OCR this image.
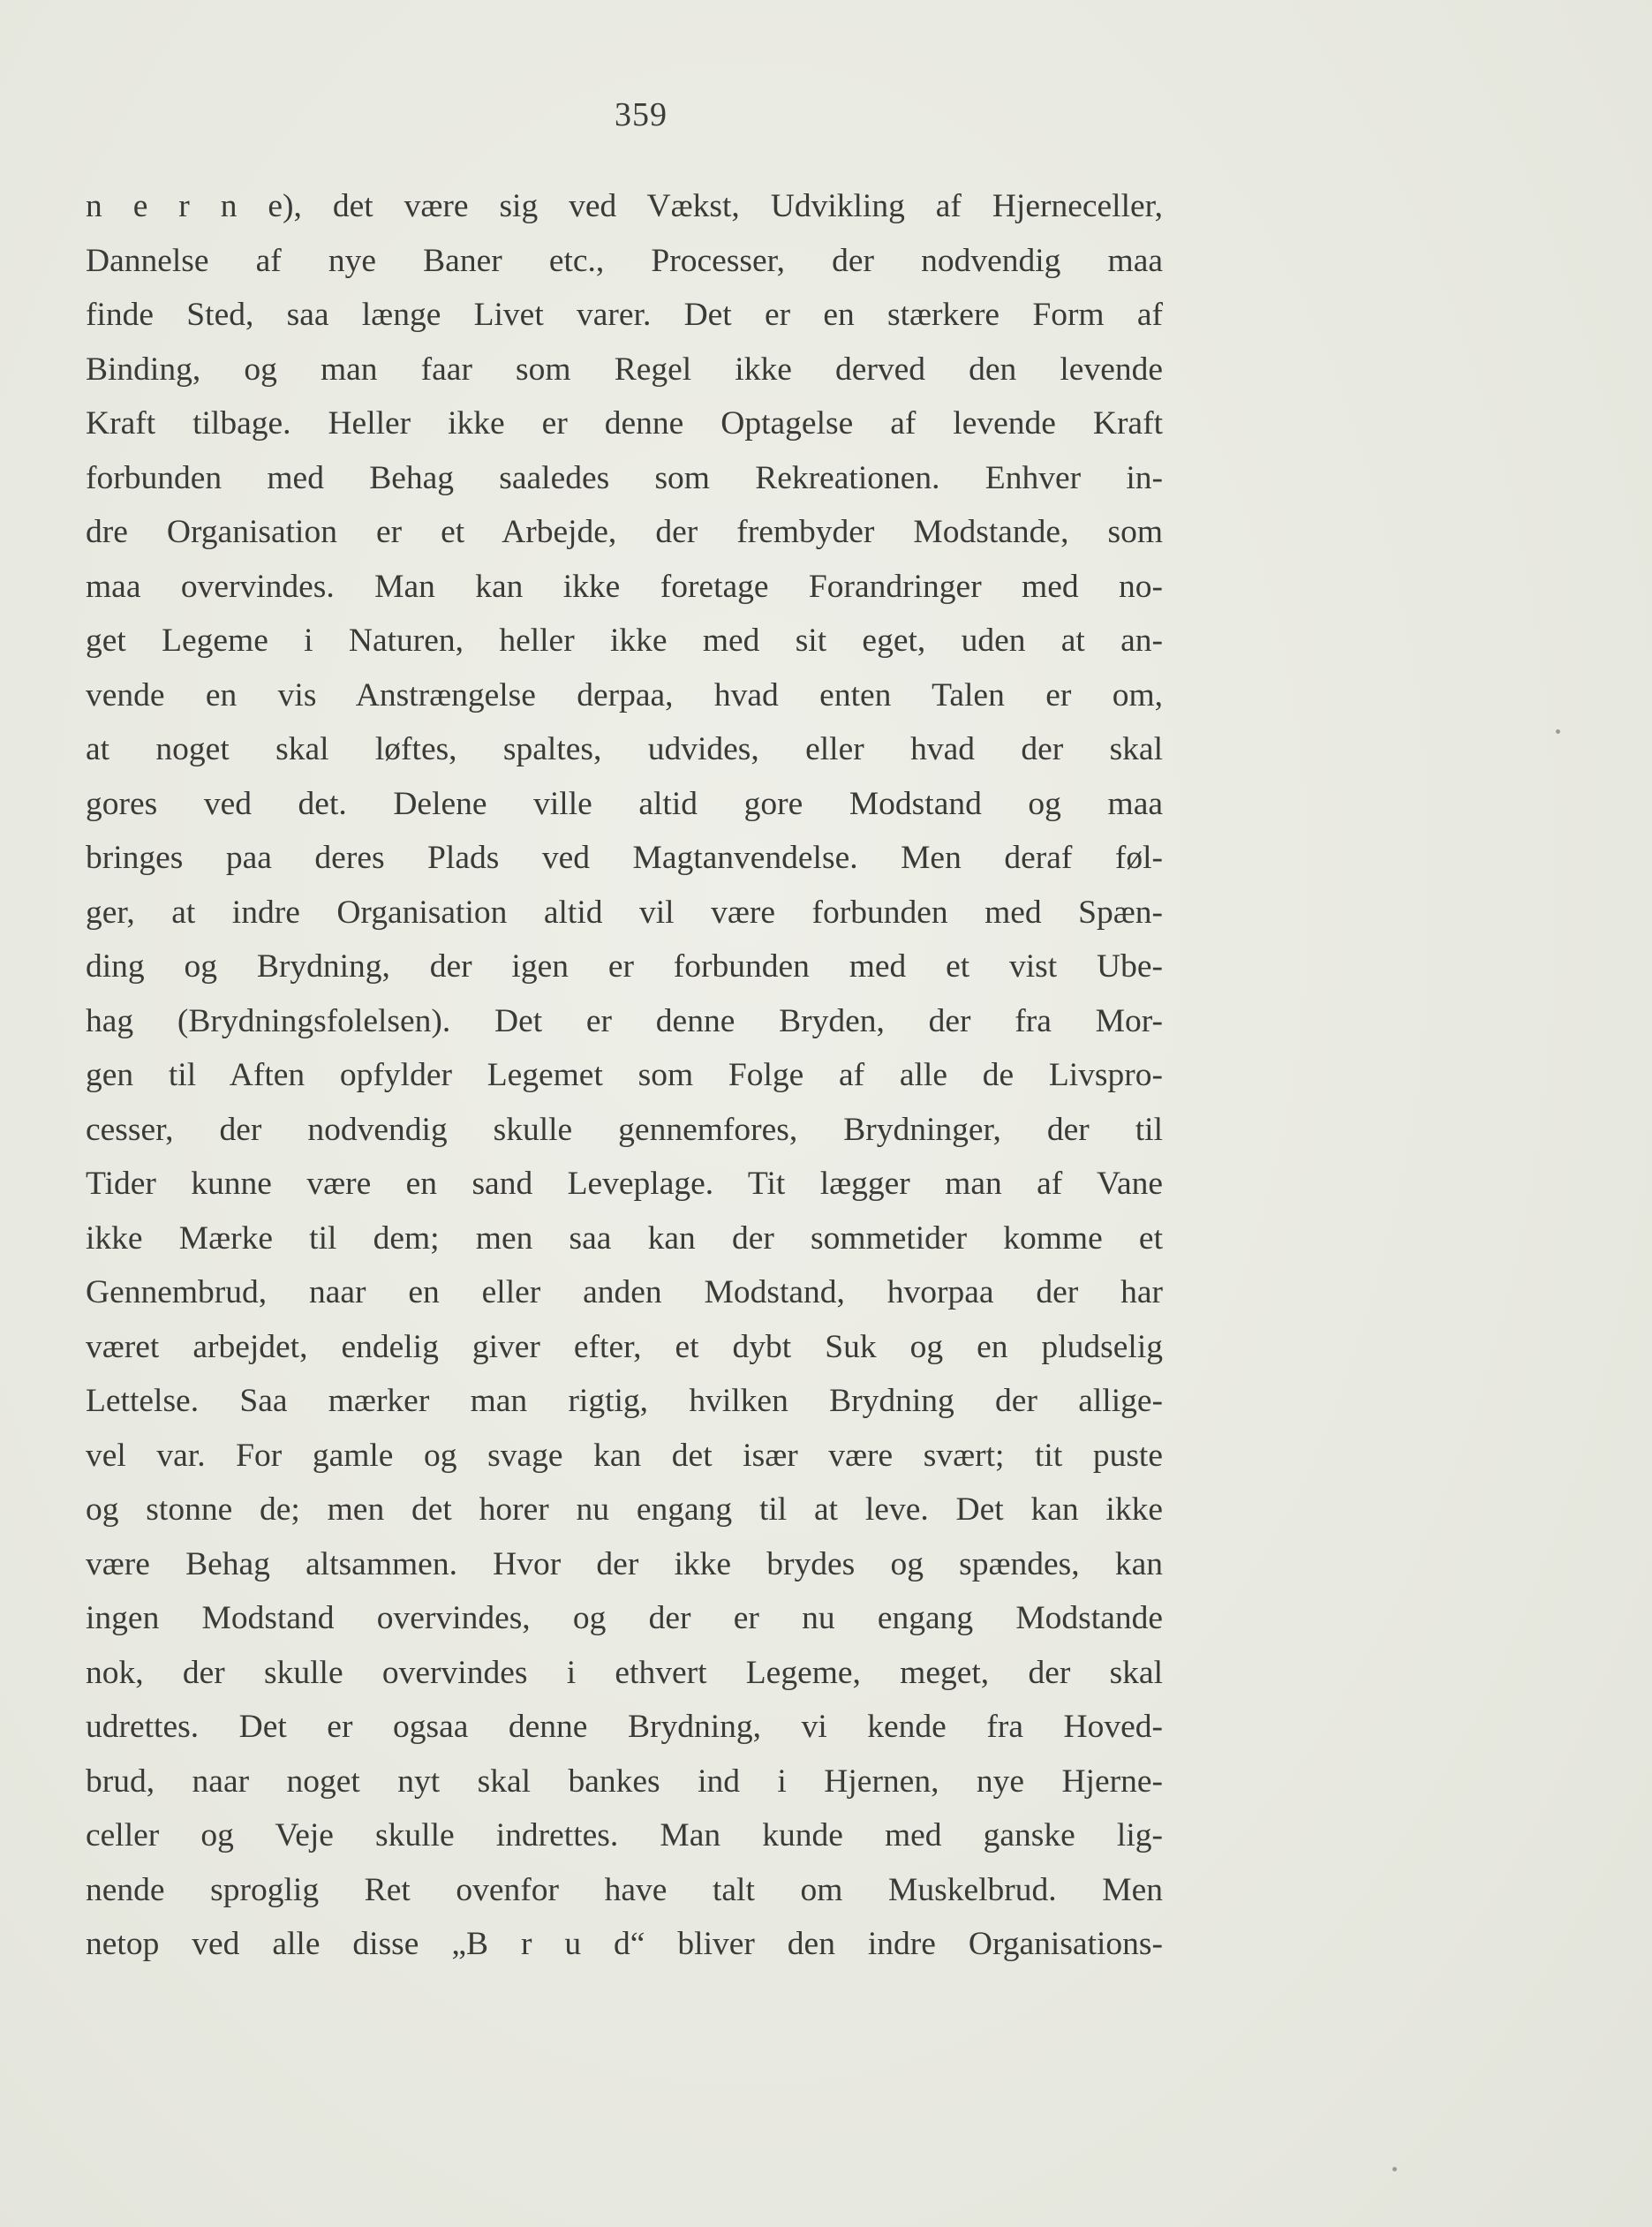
359
n e r n e), det være sig ved Vækst, Udvikling af Hjerneceller,
Dannelse af nye Baner etc., Processer, der nodvendig maa
finde Sted, saa længe Livet varer. Det er en stærkere Form af
Binding, og man faar som Regel ikke derved den levende
Kraft tilbage. Heller ikke er denne Optagelse af levende Kraft
forbunden med Behag saaledes som Rekreationen. Enhver in-
dre Organisation er et Arbejde, der frembyder Modstande, som
maa overvindes. Man kan ikke foretage Forandringer med no-
get Legeme i Naturen, heller ikke med sit eget, uden at an-
vende en vis Anstrængelse derpaa, hvad enten Talen er om,
at noget skal løftes, spaltes, udvides, eller hvad der skal
gores ved det. Delene ville altid gore Modstand og maa
bringes paa deres Plads ved Magtanvendelse. Men deraf føl-
ger, at indre Organisation altid vil være forbunden med Spæn-
ding og Brydning, der igen er forbunden med et vist Ube-
hag (Brydningsfolelsen). Det er denne Bryden, der fra Mor-
gen til Aften opfylder Legemet som Folge af alle de Livspro-
cesser, der nodvendig skulle gennemfores, Brydninger, der til
Tider kunne være en sand Leveplage. Tit lægger man af Vane
ikke Mærke til dem; men saa kan der sommetider komme et
Gennembrud, naar en eller anden Modstand, hvorpaa der har
været arbejdet, endelig giver efter, et dybt Suk og en pludselig
Lettelse. Saa mærker man rigtig, hvilken Brydning der allige-
vel var. For gamle og svage kan det især være svært; tit puste
og stonne de; men det horer nu engang til at leve. Det kan ikke
være Behag altsammen. Hvor der ikke brydes og spændes, kan
ingen Modstand overvindes, og der er nu engang Modstande
nok, der skulle overvindes i ethvert Legeme, meget, der skal
udrettes. Det er ogsaa denne Brydning, vi kende fra Hoved-
brud, naar noget nyt skal bankes ind i Hjernen, nye Hjerne-
celler og Veje skulle indrettes. Man kunde med ganske lig-
nende sproglig Ret ovenfor have talt om Muskelbrud. Men
netop ved alle disse „B r u d“ bliver den indre Organisations-
